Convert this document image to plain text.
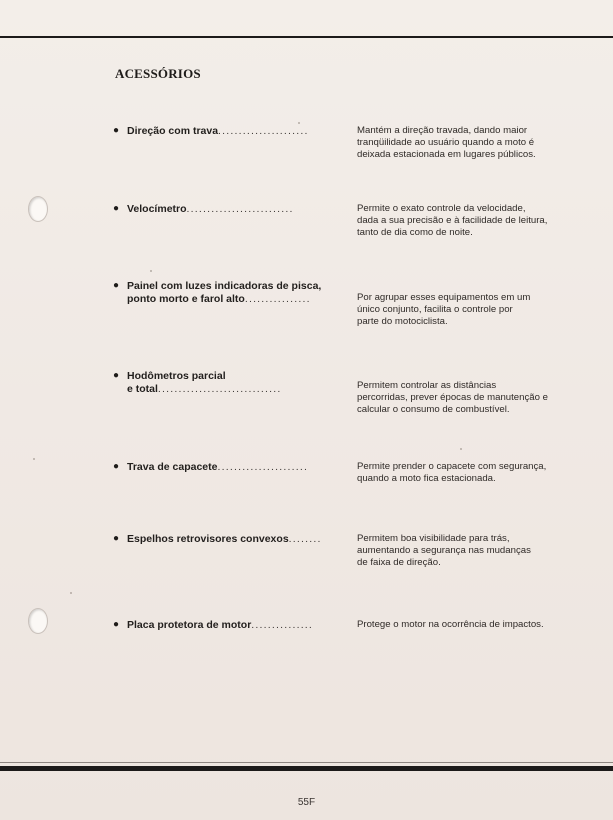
ACESSÓRIOS
● Direção com trava......................	Mantém a direção travada, dando maior
tranqüilidade ao usuário quando a moto é
deixada estacionada em lugares públicos.
● Velocímetro..........................	Permite o exato controle da velocidade,
dada a sua precisão e à facilidade de leitura,
tanto de dia como de noite.
● Painel com luzes indicadoras de pisca,
ponto morto e farol alto................	Por agrupar esses equipamentos em um
único conjunto, facilita o controle por
parte do motociclista.
● Hodômetros parcial
e total..............................	Permitem controlar as distâncias
percorridas, prever épocas de manutenção e
calcular o consumo de combustível.
● Trava de capacete......................	Permite prender o capacete com segurança,
quando a moto fica estacionada.
● Espelhos retrovisores convexos........	Permitem boa visibilidade para trás,
aumentando a segurança nas mudanças
de faixa de direção.
● Placa protetora de motor...............	Protege o motor na ocorrência de impactos.
55F
